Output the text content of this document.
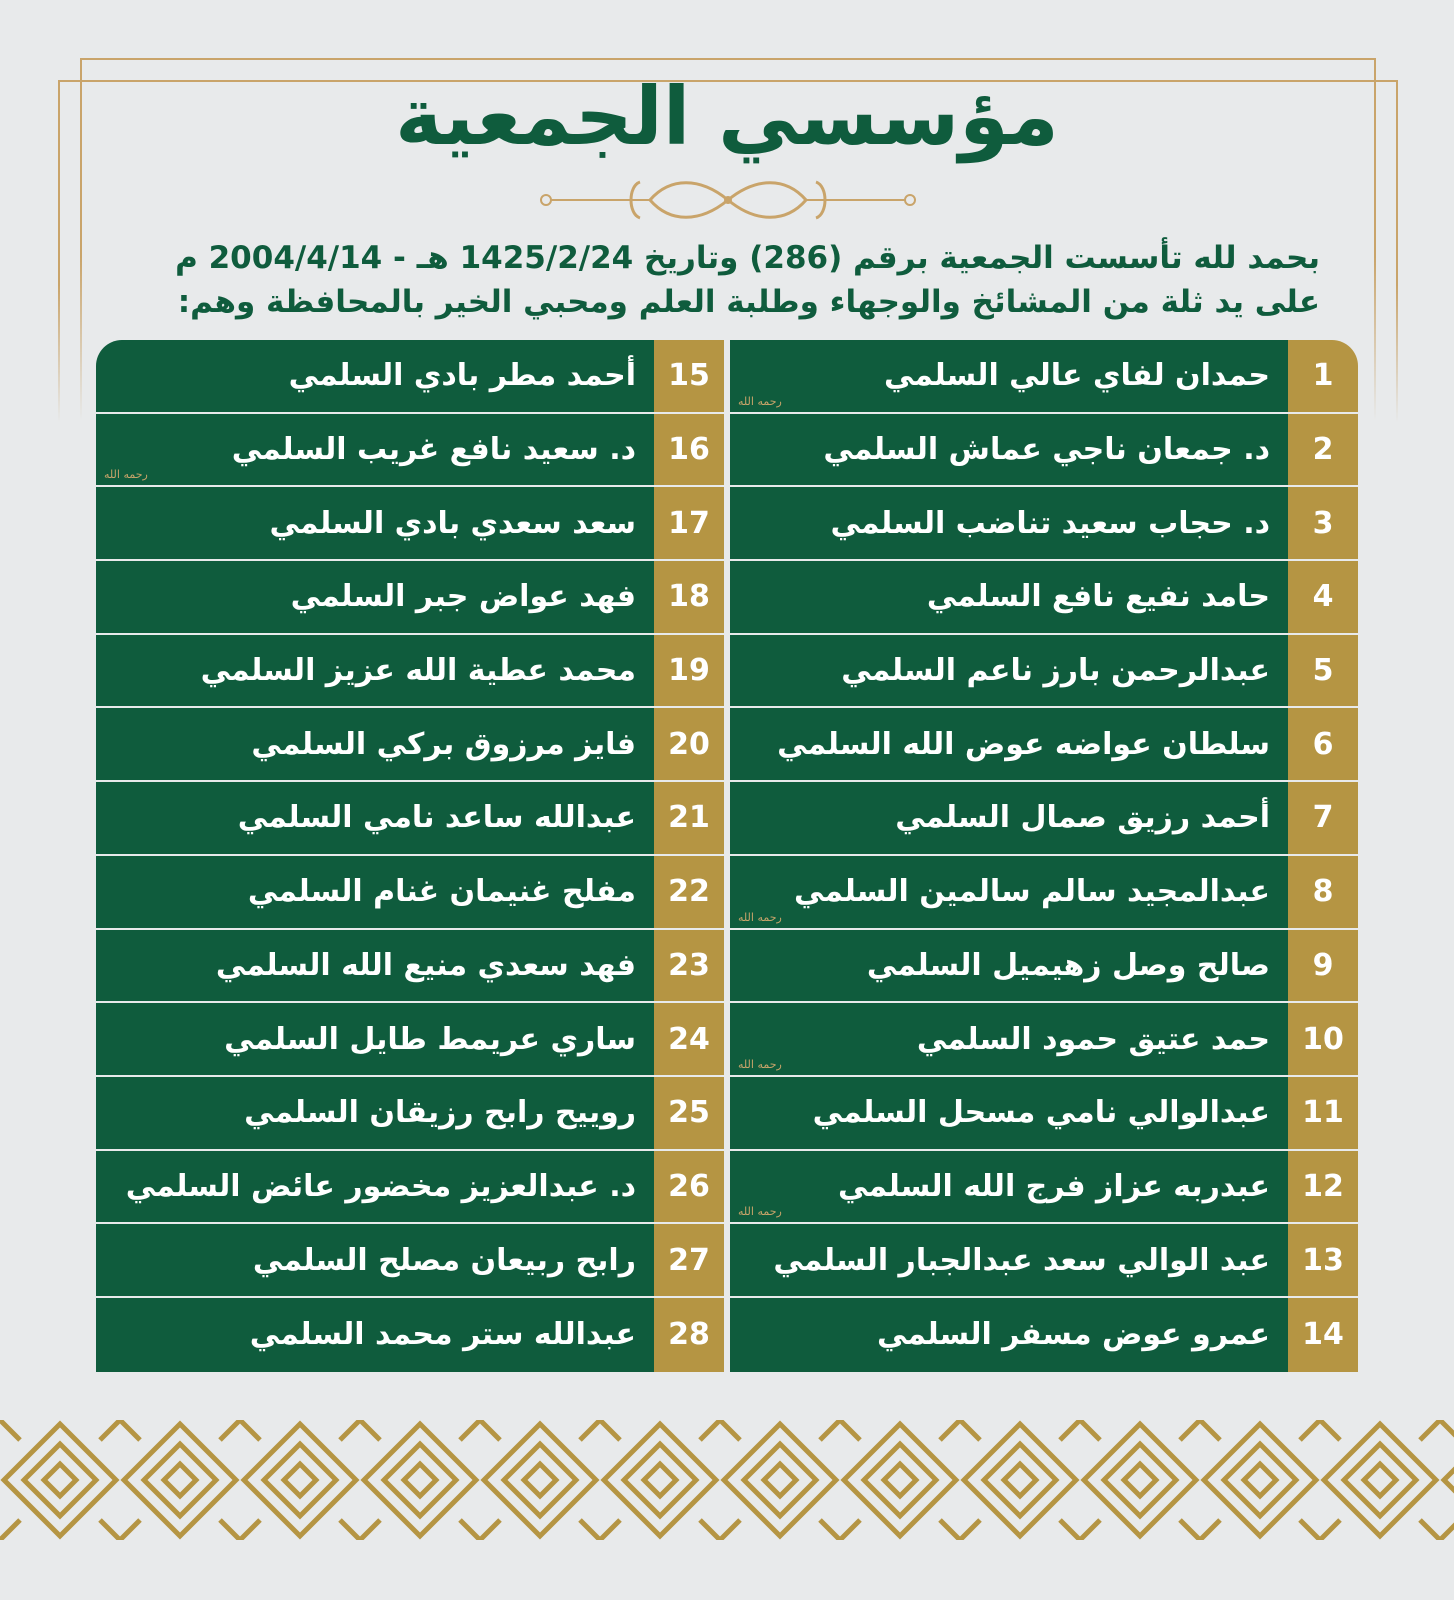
مؤسسي الجمعية
بحمد لله تأسست الجمعية برقم (286) وتاريخ 1425/2/24 هـ - 2004/4/14 م
على يد ثلة من المشائخ والوجهاء وطلبة العلم ومحبي الخير بالمحافظة وهم:
1
حمدان لفاي عالي السلمي
رحمه الله
2
د. جمعان ناجي عماش السلمي
3
د. حجاب سعيد تناضب السلمي
4
حامد نفيع نافع السلمي
5
عبدالرحمن بارز ناعم السلمي
6
سلطان عواضه عوض الله السلمي
7
أحمد رزيق صمال السلمي
8
عبدالمجيد سالم سالمين السلمي
رحمه الله
9
صالح وصل زهيميل السلمي
10
حمد عتيق حمود السلمي
رحمه الله
11
عبدالوالي نامي مسحل السلمي
12
عبدربه عزاز فرج الله السلمي
رحمه الله
13
عبد الوالي سعد عبدالجبار السلمي
14
عمرو عوض مسفر السلمي
15
أحمد مطر بادي السلمي
16
د. سعيد نافع غريب السلمي
رحمه الله
17
سعد سعدي بادي السلمي
18
فهد عواض جبر السلمي
19
محمد عطية الله عزيز السلمي
20
فايز مرزوق بركي السلمي
21
عبدالله ساعد نامي السلمي
22
مفلح غنيمان غنام السلمي
23
فهد سعدي منيع الله السلمي
24
ساري عريمط طايل السلمي
25
روييح رابح رزيقان السلمي
26
د. عبدالعزيز مخضور عائض السلمي
27
رابح ربيعان مصلح السلمي
28
عبدالله ستر محمد السلمي
